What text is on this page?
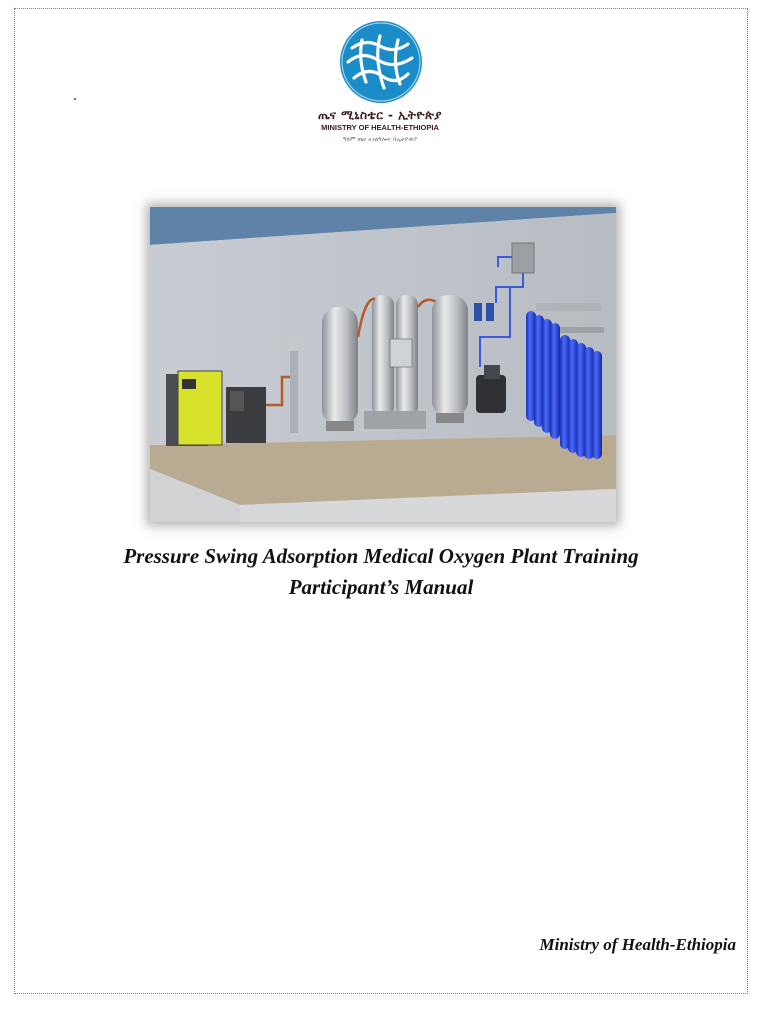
ጤና ሚኒስቴር - ኢትዮጵያ
MINISTRY OF HEALTH-ETHIOPIA
ዓለም ጤና አገልግሎት በኢትዮጵያ
Pressure Swing Adsorption Medical Oxygen Plant Training
Participant’s Manual
Ministry of Health-Ethiopia
